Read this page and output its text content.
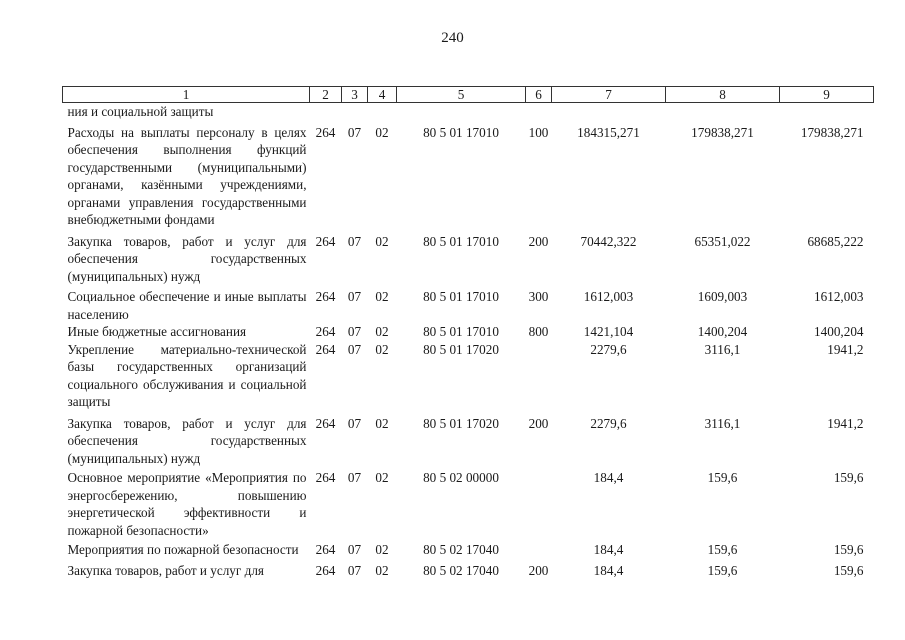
240
1	2	3	4	5	6	7	8	9
ния и социальной защиты								
Расходы на выплаты персоналу в целях обеспечения выполнения функций государственными (муниципальными) органами, казёнными учреждениями, органами управления государственными внебюджетными фондами	264	07	02	80 5 01 17010	100	184315,271	179838,271	179838,271
Закупка товаров, работ и услуг для обеспечения государственных (муниципальных) нужд	264	07	02	80 5 01 17010	200	70442,322	65351,022	68685,222
Социальное обеспечение и иные выплаты населению	264	07	02	80 5 01 17010	300	1612,003	1609,003	1612,003
Иные бюджетные ассигнования	264	07	02	80 5 01 17010	800	1421,104	1400,204	1400,204
Укрепление материально-технической базы государственных организаций социального обслуживания и социальной защиты	264	07	02	80 5 01 17020		2279,6	3116,1	1941,2
Закупка товаров, работ и услуг для обеспечения государственных (муниципальных) нужд	264	07	02	80 5 01 17020	200	2279,6	3116,1	1941,2
Основное мероприятие «Мероприятия по энергосбережению, повышению энергетической эффективности и пожарной безопасности»	264	07	02	80 5 02 00000		184,4	159,6	159,6
Мероприятия по пожарной безопасности	264	07	02	80 5 02 17040		184,4	159,6	159,6
Закупка товаров, работ и услуг для	264	07	02	80 5 02 17040	200	184,4	159,6	159,6
